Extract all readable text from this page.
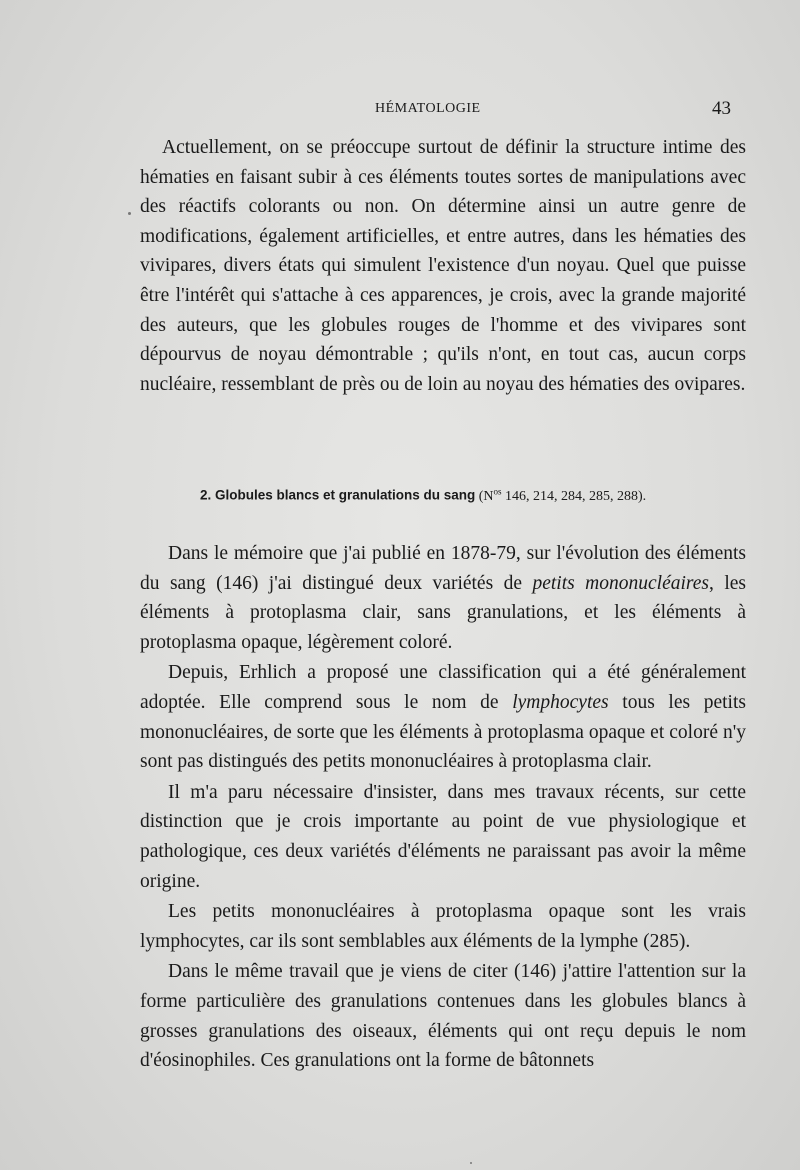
HÉMATOLOGIE	43

Actuellement, on se préoccupe surtout de définir la structure intime des hématies en faisant subir à ces éléments toutes sortes de manipulations avec des réactifs colorants ou non. On détermine ainsi un autre genre de modifications, également artificielles, et entre autres, dans les hématies des vivipares, divers états qui simulent l'existence d'un noyau. Quel que puisse être l'intérêt qui s'attache à ces apparences, je crois, avec la grande majorité des auteurs, que les globules rouges de l'homme et des vivipares sont dépourvus de noyau démontrable ; qu'ils n'ont, en tout cas, aucun corps nucléaire, ressemblant de près ou de loin au noyau des hématies des ovipares.

2. Globules blancs et granulations du sang ($N^{os}$ 146, 214, 284, 285, 288).

Dans le mémoire que j'ai publié en 1878-79, sur l'évolution des éléments du sang (146) j'ai distingué deux variétés de petits mononucléaires, les éléments à protoplasma clair, sans granulations, et les éléments à protoplasma opaque, légèrement coloré.

Depuis, Erhlich a proposé une classification qui a été généralement adoptée. Elle comprend sous le nom de lymphocytes tous les petits mononucléaires, de sorte que les éléments à protoplasma opaque et coloré n'y sont pas distingués des petits mononucléaires à protoplasma clair.

Il m'a paru nécessaire d'insister, dans mes travaux récents, sur cette distinction que je crois importante au point de vue physiologique et pathologique, ces deux variétés d'éléments ne paraissant pas avoir la même origine.

Les petits mononucléaires à protoplasma opaque sont les vrais lymphocytes, car ils sont semblables aux éléments de la lymphe (285).

Dans le même travail que je viens de citer (146) j'attire l'attention sur la forme particulière des granulations contenues dans les globules blancs à grosses granulations des oiseaux, éléments qui ont reçu depuis le nom d'éosinophiles. Ces granulations ont la forme de bâtonnets
